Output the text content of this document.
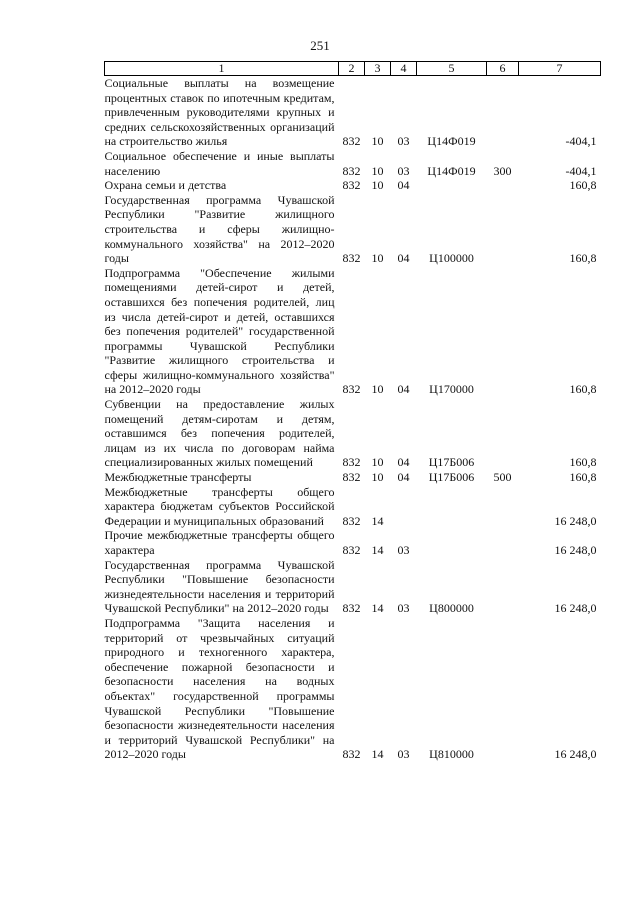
251
1	2	3	4	5	6	7
Социальные выплаты на возмещение процентных ставок по ипотечным кредитам, привлеченным руководителями крупных и средних сельскохозяйственных организаций на строительство жилья	832	10	03	Ц14Ф019		-404,1
Социальное обеспечение и иные выплаты населению	832	10	03	Ц14Ф019	300	-404,1
Охрана семьи и детства	832	10	04			160,8
Государственная программа Чувашской Республики "Развитие жилищного строительства и сферы жилищно-коммунального хозяйства" на 2012–2020 годы	832	10	04	Ц100000		160,8
Подпрограмма "Обеспечение жилыми помещениями детей-сирот и детей, оставшихся без попечения родителей, лиц из числа детей-сирот и детей, оставшихся без попечения родителей" государственной программы Чувашской Республики "Развитие жилищного строительства и сферы жилищно-коммунального хозяйства" на 2012–2020 годы	832	10	04	Ц170000		160,8
Субвенции на предоставление жилых помещений детям-сиротам и детям, оставшимся без попечения родителей, лицам из их числа по договорам найма специализированных жилых помещений	832	10	04	Ц17Б006		160,8
Межбюджетные трансферты	832	10	04	Ц17Б006	500	160,8
Межбюджетные трансферты общего характера бюджетам субъектов Российской Федерации и муниципальных образований	832	14				16 248,0
Прочие межбюджетные трансферты общего характера	832	14	03			16 248,0
Государственная программа Чувашской Республики "Повышение безопасности жизнедеятельности населения и территорий Чувашской Республики" на 2012–2020 годы	832	14	03	Ц800000		16 248,0
Подпрограмма "Защита населения и территорий от чрезвычайных ситуаций природного и техногенного характера, обеспечение пожарной безопасности и безопасности населения на водных объектах" государственной программы Чувашской Республики "Повышение безопасности жизнедеятельности населения и территорий Чувашской Республики" на 2012–2020 годы	832	14	03	Ц810000		16 248,0
